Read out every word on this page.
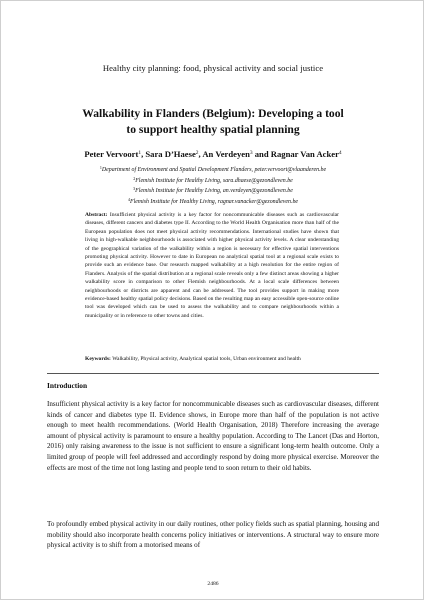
Healthy city planning: food, physical activity and social justice
Walkability in Flanders (Belgium): Developing a tool
to support healthy spatial planning
Peter Vervoort$^1$, Sara D’Haese$^2$, An Verdeyen$^3$ and Ragnar Van Acker$^4$
$^1$Department of Environment and Spatial Development Flanders, peter.vervoort@vlaanderen.be
$^2$Flemish Institute for Healthy Living, sara.dhaese@gezondleven.be
$^3$Flemish Institute for Healthy Living, an.verdeyen@gezondleven.be
$^4$Flemish Institute for Healthy Living, ragnar.vanacker@gezondleven.be
Abstract: Insufficient physical activity is a key factor for noncommunicable diseases such as cardiovascular diseases, different cancers and diabetes type II. According to the World Health Organisation more than half of the European population does not meet physical activity recommendations. International studies have shown that living in high-walkable neighbourhoods is associated with higher physical activity levels. A clear understanding of the geographical variation of the walkability within a region is necessary for effective spatial interventions promoting physical activity. However to date in European no analytical spatial tool at a regional scale exists to provide such an evidence base. Our research mapped walkability at a high resolution for the entire region of Flanders. Analysis of the spatial distribution at a regional scale reveals only a few distinct areas showing a higher walkability score in comparison to other Flemish neighbourhoods. At a local scale differences between neighbourhoods or districts are apparent and can be addressed. The tool provides support in making more evidence-based healthy spatial policy decisions. Based on the resulting map an easy accessible open-source online tool was developed which can be used to assess the walkability and to compare neighbourhoods within a municipality or in reference to other towns and cities.
Keywords: Walkability, Physical activity, Analytical spatial tools, Urban environment and health
Introduction
Insufficient physical activity is a key factor for noncommunicable diseases such as cardiovascular diseases, different kinds of cancer and diabetes type II. Evidence shows, in Europe more than half of the population is not active enough to meet health recommendations. (World Health Organisation, 2018) Therefore increasing the average amount of physical activity is paramount to ensure a healthy population. According to The Lancet (Das and Horton, 2016) only raising awareness to the issue is not sufficient to ensure a significant long-term health outcome. Only a limited group of people will feel addressed and accordingly respond by doing more physical exercise. Moreover the effects are most of the time not long lasting and people tend to soon return to their old habits.
To profoundly embed physical activity in our daily routines, other policy fields such as spatial planning, housing and mobility should also incorporate health concerns policy initiatives or interventions. A structural way to ensure more physical activity is to shift from a motorised means of
2486
